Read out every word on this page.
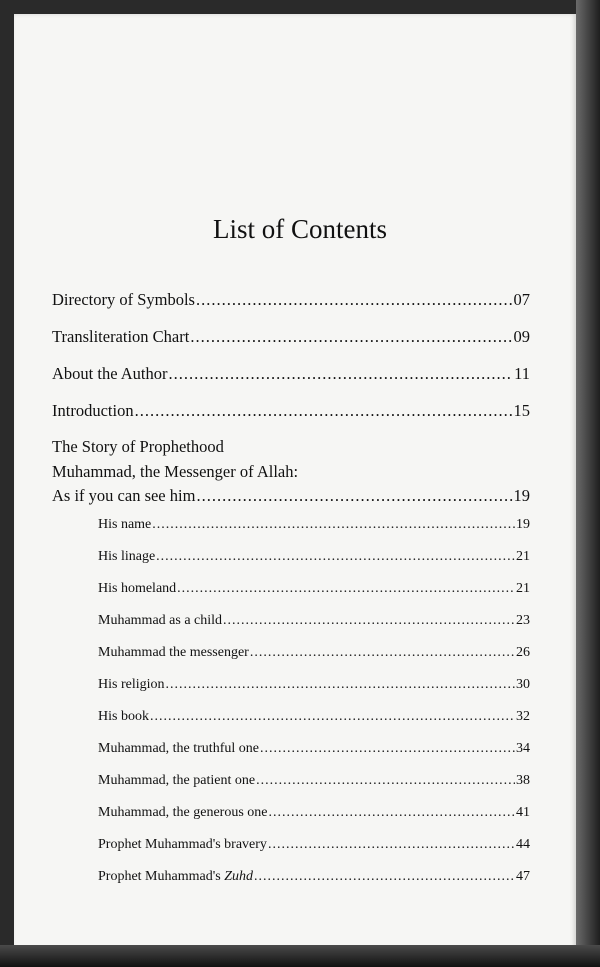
List of Contents
Directory of Symbols .....	07
Transliteration Chart .....	09
About the Author .....	11
Introduction .....	15
The Story of Prophethood
Muhammad, the Messenger of Allah:
As if you can see him .....	19
His name .....	19
His linage .....	21
His homeland .....	21
Muhammad as a child .....	23
Muhammad the messenger .....	26
His religion .....	30
His book .....	32
Muhammad, the truthful one .....	34
Muhammad, the patient one .....	38
Muhammad, the generous one .....	41
Prophet Muhammad's bravery .....	44
Prophet Muhammad's Zuhd .....	47
